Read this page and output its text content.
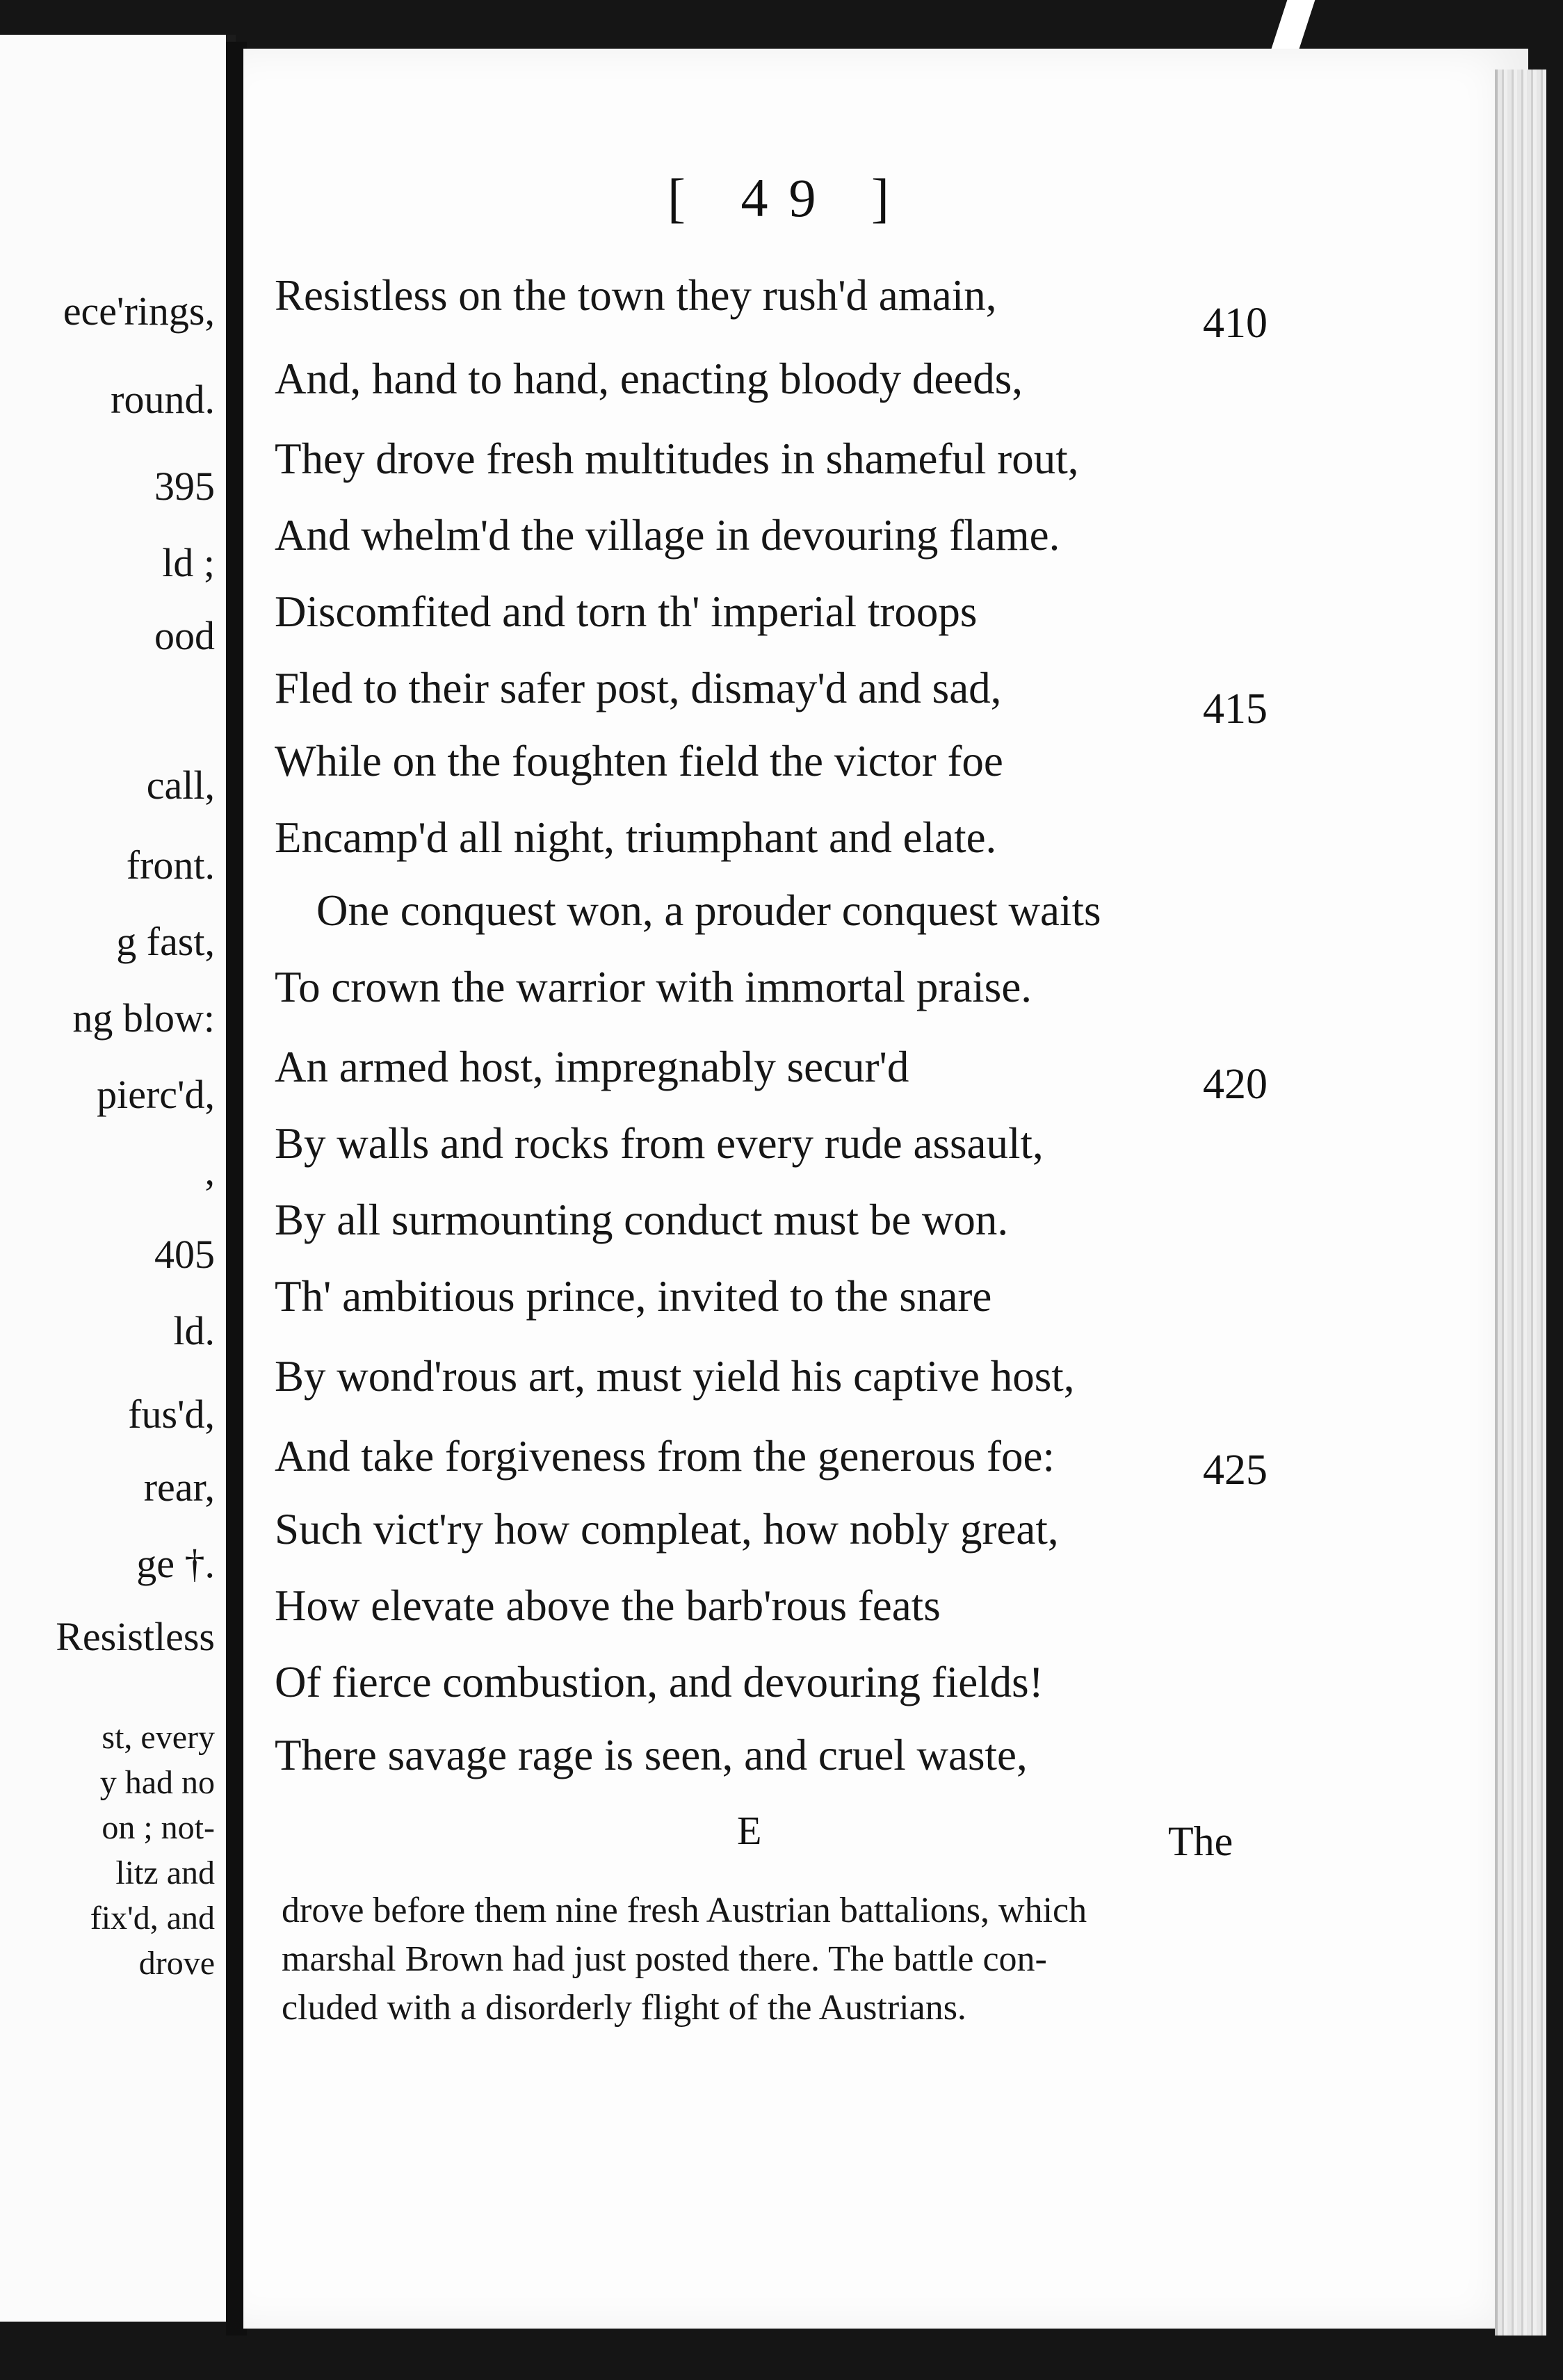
ece'rings,
round.
395
ld ;
ood
call,
front.
g fast,
ng blow:
pierc'd,
,
405
ld.
fus'd,
rear,
ge †.
Resistless
st, every
y had no
on ; not-
litz and
fix'd, and
drove
[ 49 ]
Resistless on the town they rush'd amain,
410
And, hand to hand, enacting bloody deeds,
They drove fresh multitudes in shameful rout,
And whelm'd the village in devouring flame.
Discomfited and torn th' imperial troops
Fled to their safer post, dismay'd and sad,	415
While on the foughten field the victor foe
Encamp'd all night, triumphant and elate.
One conquest won, a prouder conquest waits
To crown the warrior with immortal praise.
An armed host, impregnably secur'd	420
By walls and rocks from every rude assault,
By all surmounting conduct must be won.
Th' ambitious prince, invited to the snare
By wond'rous art, must yield his captive host,
And take forgiveness from the generous foe:	425
Such vict'ry how compleat, how nobly great,
How elevate above the barb'rous feats
Of fierce combustion, and devouring fields!
There savage rage is seen, and cruel waste,
E	The
drove before them nine fresh Austrian battalions, which
marshal Brown had just posted there. The battle con-
cluded with a disorderly flight of the Austrians.
